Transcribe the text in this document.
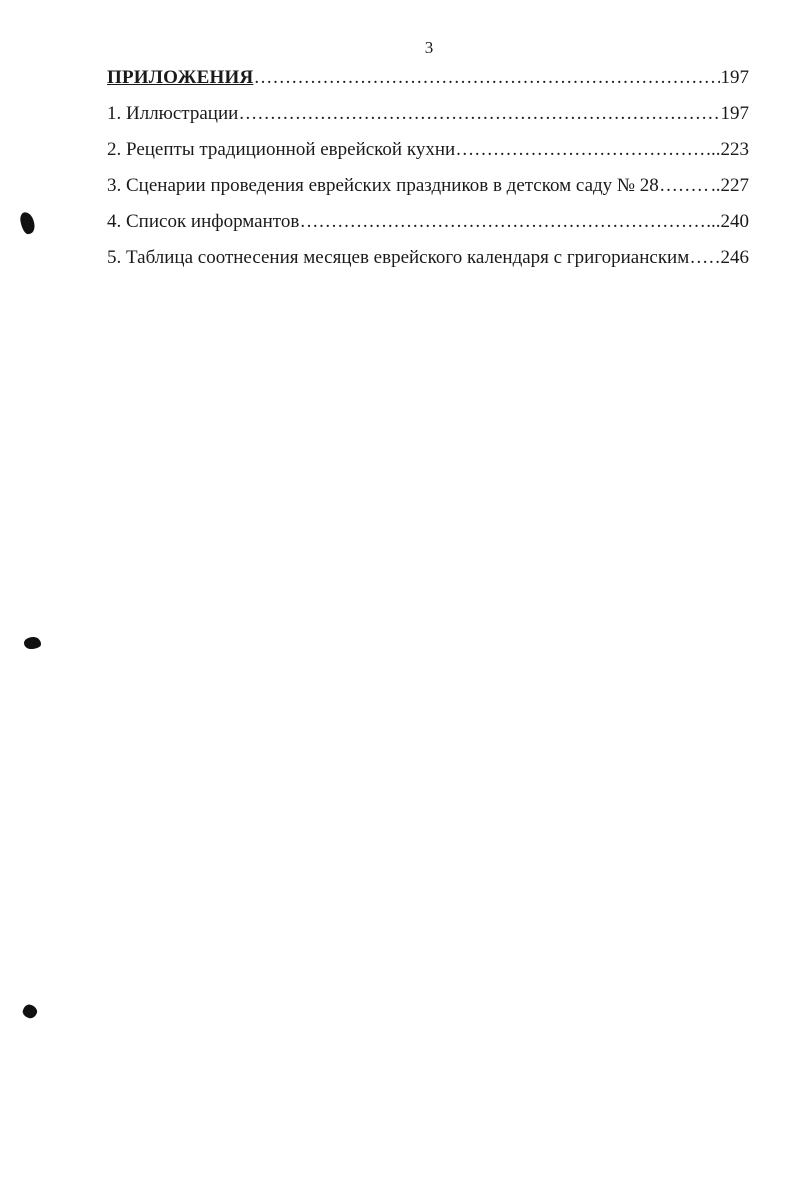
3
ПРИЛОЖЕНИЯ .....	197
1. Иллюстрации .....	197
2. Рецепты традиционной еврейской кухни .....	..223
3. Сценарии проведения еврейских праздников в детском саду № 28 .....	..227
4. Список информантов .....	...240
5. Таблица соотнесения месяцев еврейского календаря с григорианским ..... 246
